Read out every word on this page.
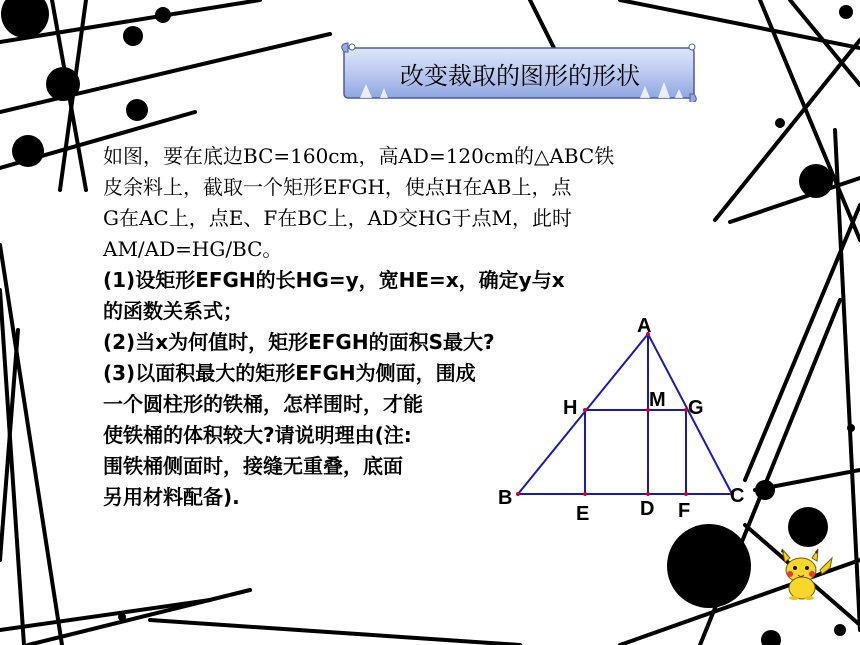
改变裁取的图形的形状
如图，要在底边BC=160cm，高AD=120cm的△ABC铁
皮余料上，截取一个矩形EFGH，使点H在AB上，点
G在AC上，点E、F在BC上，AD交HG于点M，此时
AM/AD=HG/BC。
(1)设矩形EFGH的长HG=y，宽HE=x，确定y与x
的函数关系式；
(2)当x为何值时，矩形EFGH的面积S最大?
(3)以面积最大的矩形EFGH为侧面，围成
一个圆柱形的铁桶，怎样围时，才能
使铁桶的体积较大?请说明理由(注:
围铁桶侧面时，接缝无重叠，底面
另用材料配备).
A
H	M G
B	C
E	D F
